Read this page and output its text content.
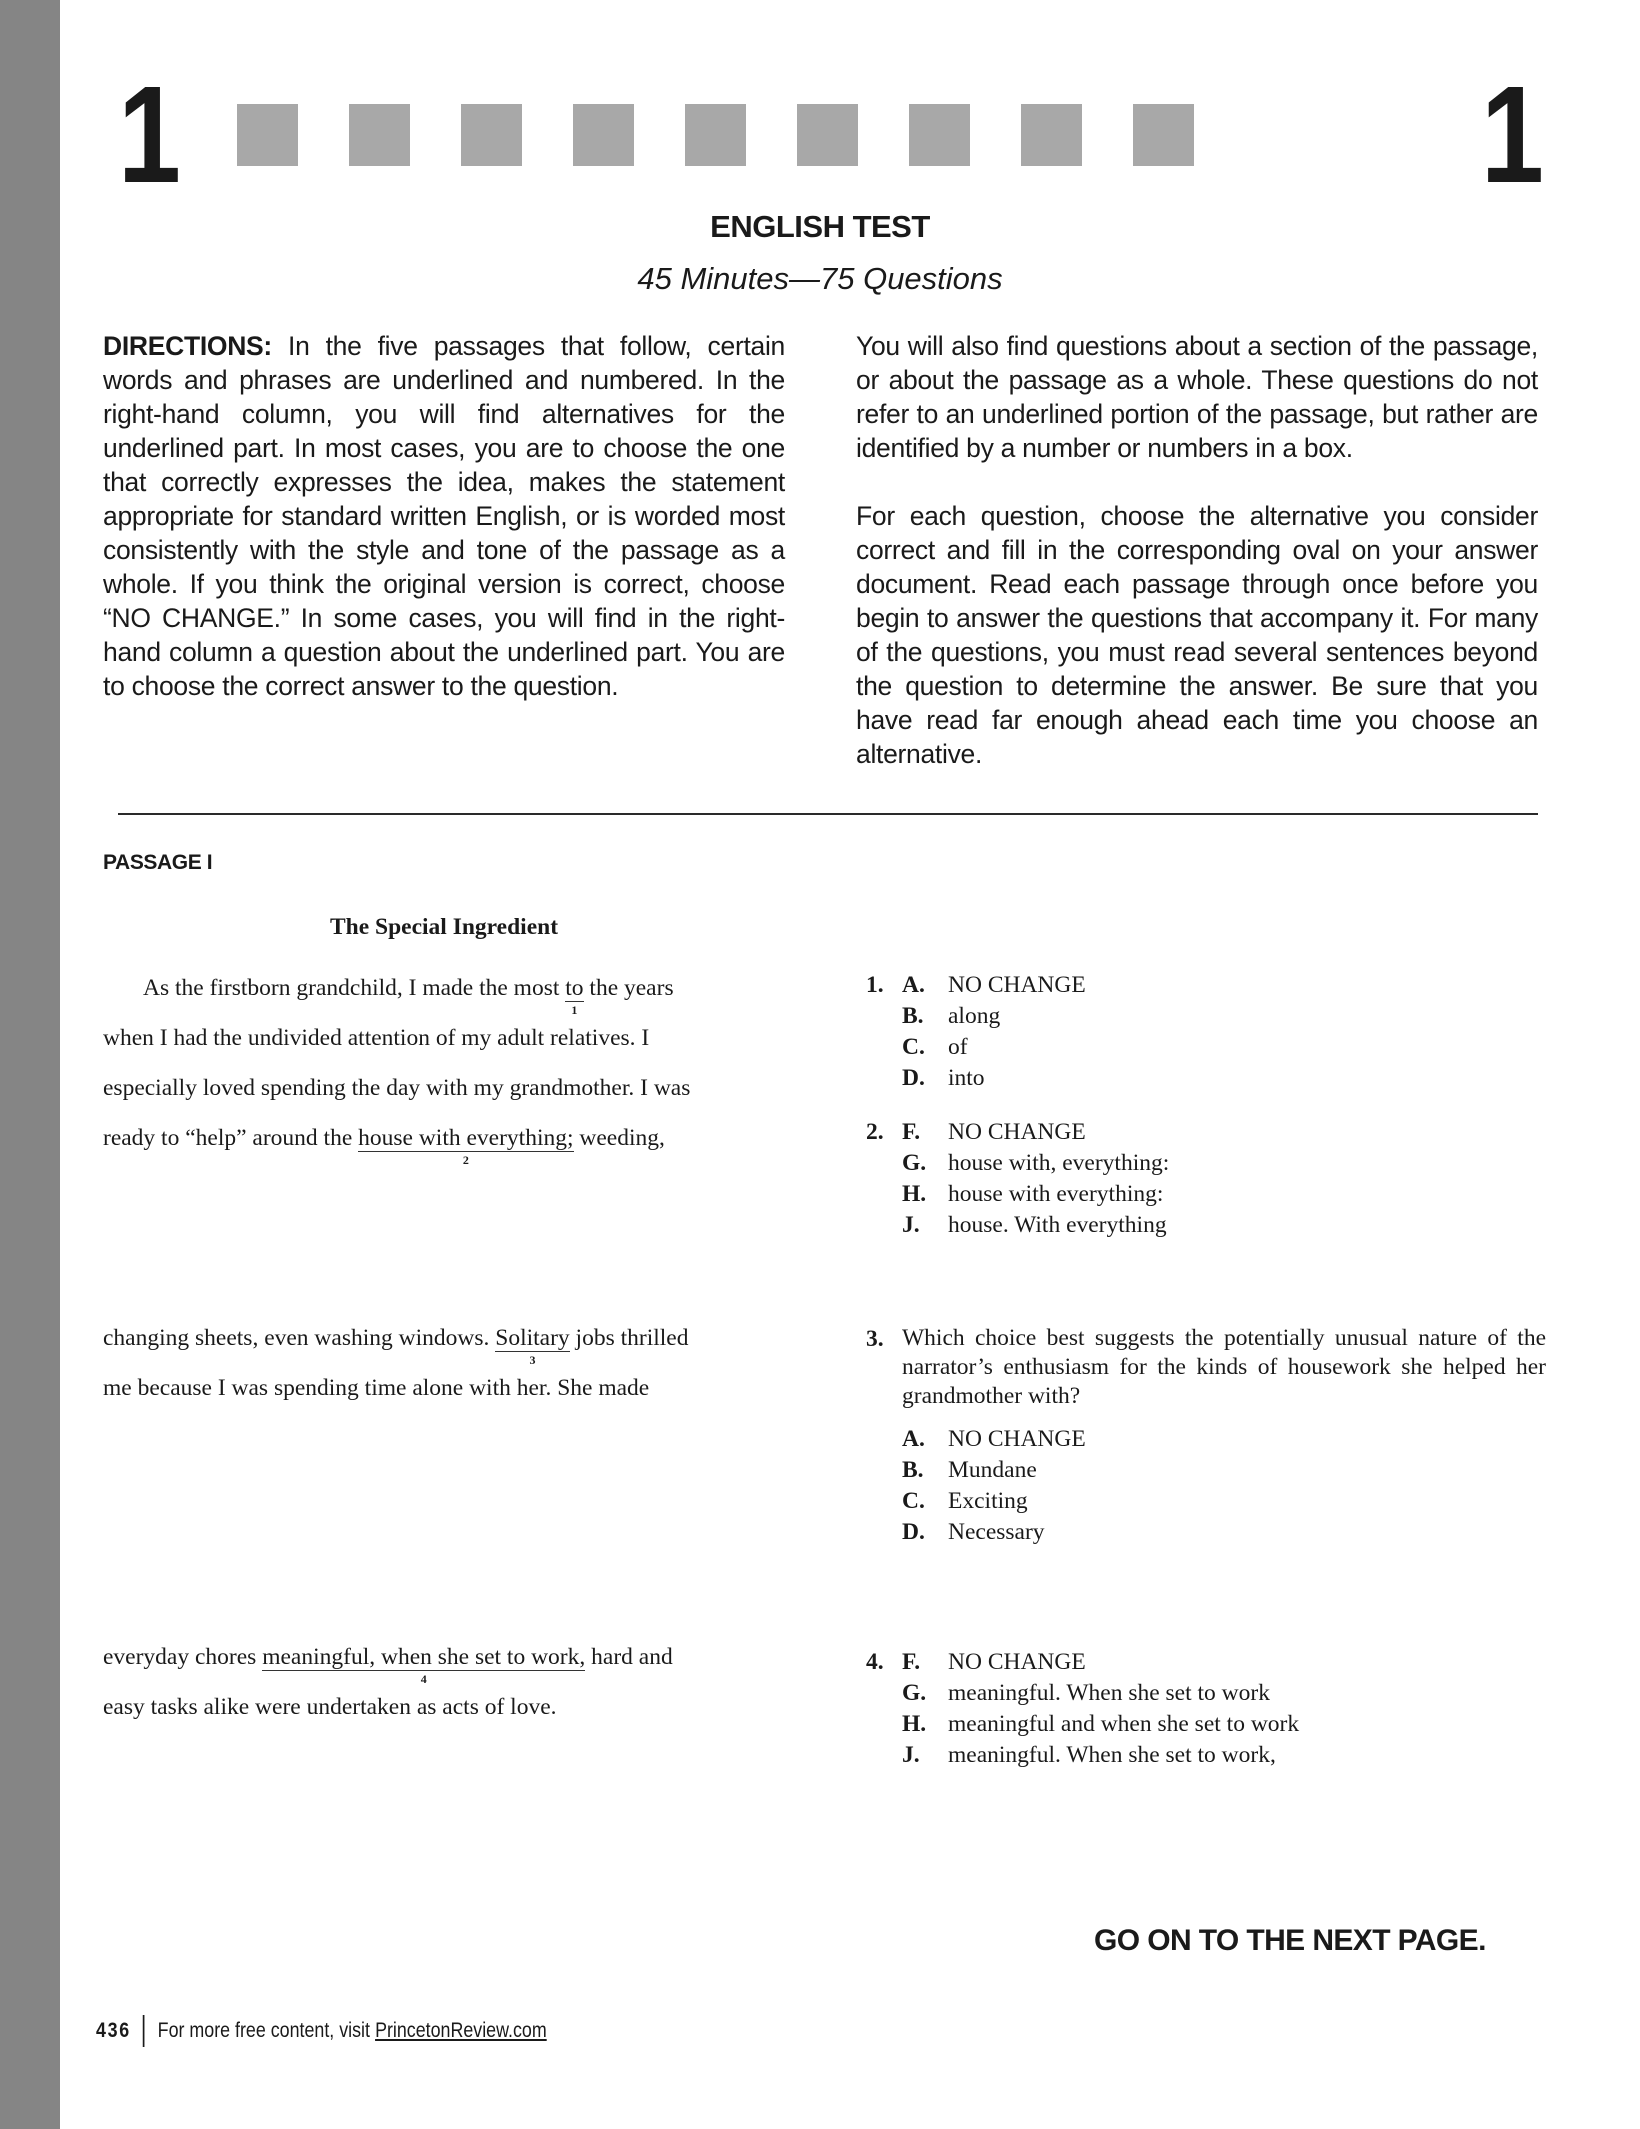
1	1
ENGLISH TEST
45 Minutes—75 Questions

DIRECTIONS: In the five passages that follow, certain words and phrases are underlined and numbered. In the right-hand column, you will find alternatives for the underlined part. In most cases, you are to choose the one that correctly expresses the idea, makes the statement appropriate for standard written English, or is worded most consistently with the style and tone of the passage as a whole. If you think the original version is correct, choose “NO CHANGE.” In some cases, you will find in the right-hand column a question about the underlined part. You are to choose the correct answer to the question.

You will also find questions about a section of the passage, or about the passage as a whole. These questions do not refer to an underlined portion of the passage, but rather are identified by a number or numbers in a box.

For each question, choose the alternative you consider correct and fill in the corresponding oval on your answer document. Read each passage through once before you begin to answer the questions that accompany it. For many of the questions, you must read several sentences beyond the question to determine the answer. Be sure that you have read far enough ahead each time you choose an alternative.

PASSAGE I
The Special Ingredient
As the firstborn grandchild, I made the most to
1
the years
when I had the undivided attention of my adult relatives. I
especially loved spending the day with my grandmother. I was
ready to “help” around the house with everything;
2
weeding,
changing sheets, even washing windows. Solitary
3
jobs thrilled
me because I was spending time alone with her. She made
everyday chores meaningful, when she set to work,
4
hard and
easy tasks alike were undertaken as acts of love.
1. A. NO CHANGE
B.	along
C. of
D. into
2. F.	NO CHANGE
G. house with, everything:
H. house with everything:
J.	house. With everything
3. Which choice best suggests the potentially unusual nature of the narrator’s enthusiasm for the kinds of housework she helped her grandmother with?
A. NO CHANGE
B.	Mundane
C. Exciting
D. Necessary
4. F.	NO CHANGE
G. meaningful. When she set to work
H. meaningful and when she set to work
J.	meaningful. When she set to work,
GO ON TO THE NEXT PAGE.
436 For more free content, visit PrincetonReview.com
